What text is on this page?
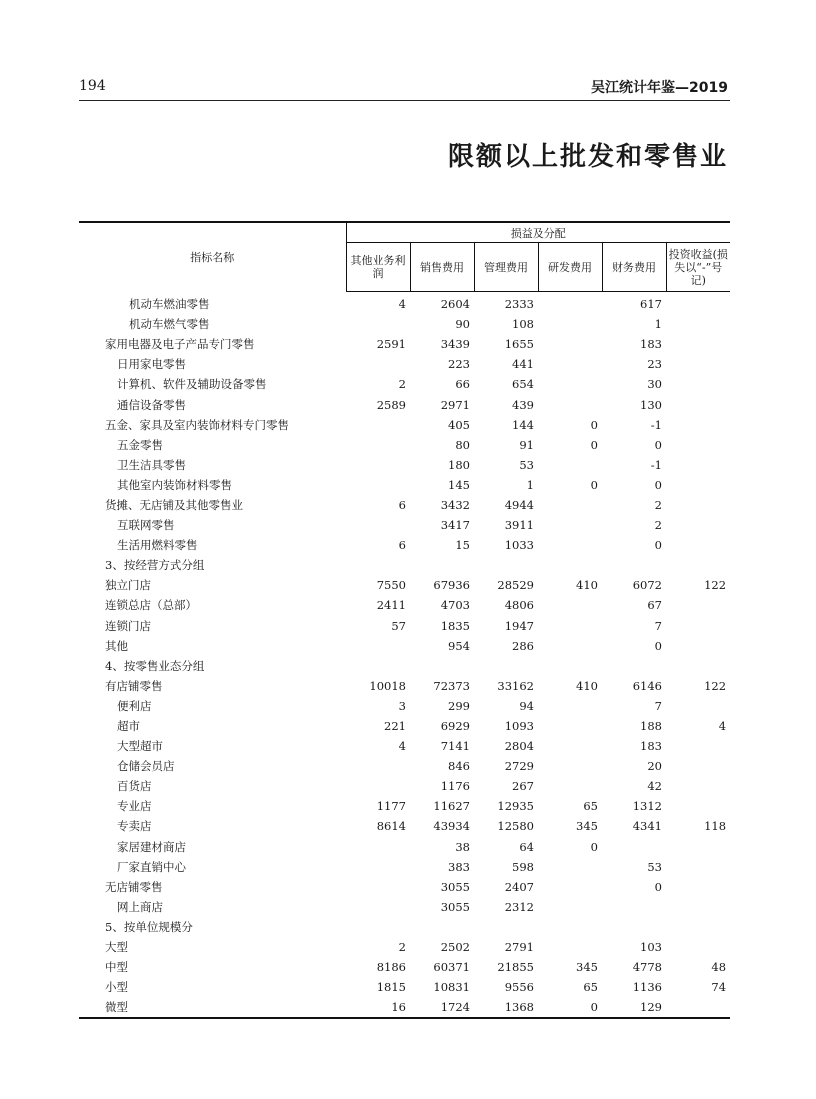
194	吴江统计年鉴—2019
限额以上批发和零售业
指标名称	损益及分配					
	其他业务利润	销售费用	管理费用	研发费用	财务费用	投资收益(损失以“-”号记)
机动车燃油零售	4	2604	2333		617	
机动车燃气零售		90	108		1	
家用电器及电子产品专门零售	2591	3439	1655		183	
日用家电零售		223	441		23	
计算机、软件及辅助设备零售	2	66	654		30	
通信设备零售	2589	2971	439		130	
五金、家具及室内装饰材料专门零售		405	144	0	-1	
五金零售		80	91	0	0	
卫生洁具零售		180	53		-1	
其他室内装饰材料零售		145	1	0	0	
货摊、无店铺及其他零售业	6	3432	4944		2	
互联网零售		3417	3911		2	
生活用燃料零售	6	15	1033		0	
3、按经营方式分组						
独立门店	7550	67936	28529	410	6072	122
连锁总店（总部）	2411	4703	4806		67	
连锁门店	57	1835	1947		7	
其他		954	286		0	
4、按零售业态分组						
有店铺零售	10018	72373	33162	410	6146	122
便利店	3	299	94		7	
超市	221	6929	1093		188	4
大型超市	4	7141	2804		183	
仓储会员店		846	2729		20	
百货店		1176	267		42	
专业店	1177	11627	12935	65	1312	
专卖店	8614	43934	12580	345	4341	118
家居建材商店		38	64	0		
厂家直销中心		383	598		53	
无店铺零售		3055	2407		0	
网上商店		3055	2312			
5、按单位规模分						
大型	2	2502	2791		103	
中型	8186	60371	21855	345	4778	48
小型	1815	10831	9556	65	1136	74
微型	16	1724	1368	0	129	
